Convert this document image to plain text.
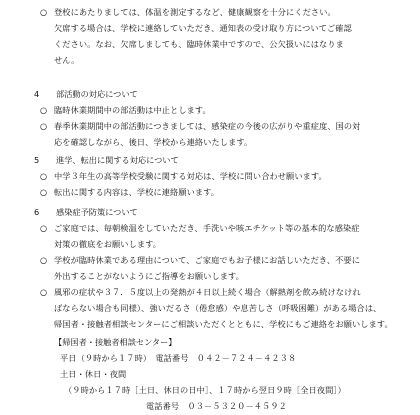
○ 登校にあたりましては、体温を測定するなど、健康観察を十分にください。
欠席する場合は、学校に連絡していただき、通知表の受け取り方についてご確認
ください。なお、欠席しましても、臨時休業中ですので、公欠扱いにはなりま
せん。
4 部活動の対応について
○ 臨時休業期間中の部活動は中止とします。
○ 春季休業期間中の部活動につきましては、感染症の今後の広がりや重症度、国の対
応を確認しながら、後日、学校から連絡いたします。
5 進学、転出に関する対応について
○ 中学３年生の高等学校受験に関する対応は、学校に問い合わせ願います。
○ 転出に関する内容は、学校に連絡願います。
6 感染症予防策について
○ ご家庭では、毎朝検温をしていただき、手洗いや咳エチケット等の基本的な感染症
対策の徹底をお願いします。
○ 学校が臨時休業である理由について、ご家庭でもお子様にお話しいただき、不要に
外出することがないようにご指導をお願いします。
○ 風邪の症状や３７．５度以上の発熱が４日以上続く場合（解熱剤を飲み続けなけれ
ばならない場合も同様）、強いだるさ（倦怠感）や息苦しさ（呼吸困難）がある場合は、
帰国者・接触者相談センターにご相談いただくとともに、学校にもご連絡をお願いします。
【帰国者・接触者相談センター】
平日（９時から１７時）　電話番号　０４２－７２４－４２３８
土日・休日・夜間
（９時から１７時［土日、休日の日中］、１７時から翌日９時［全日夜間］）
電話番号　０３－５３２０－４５９２
